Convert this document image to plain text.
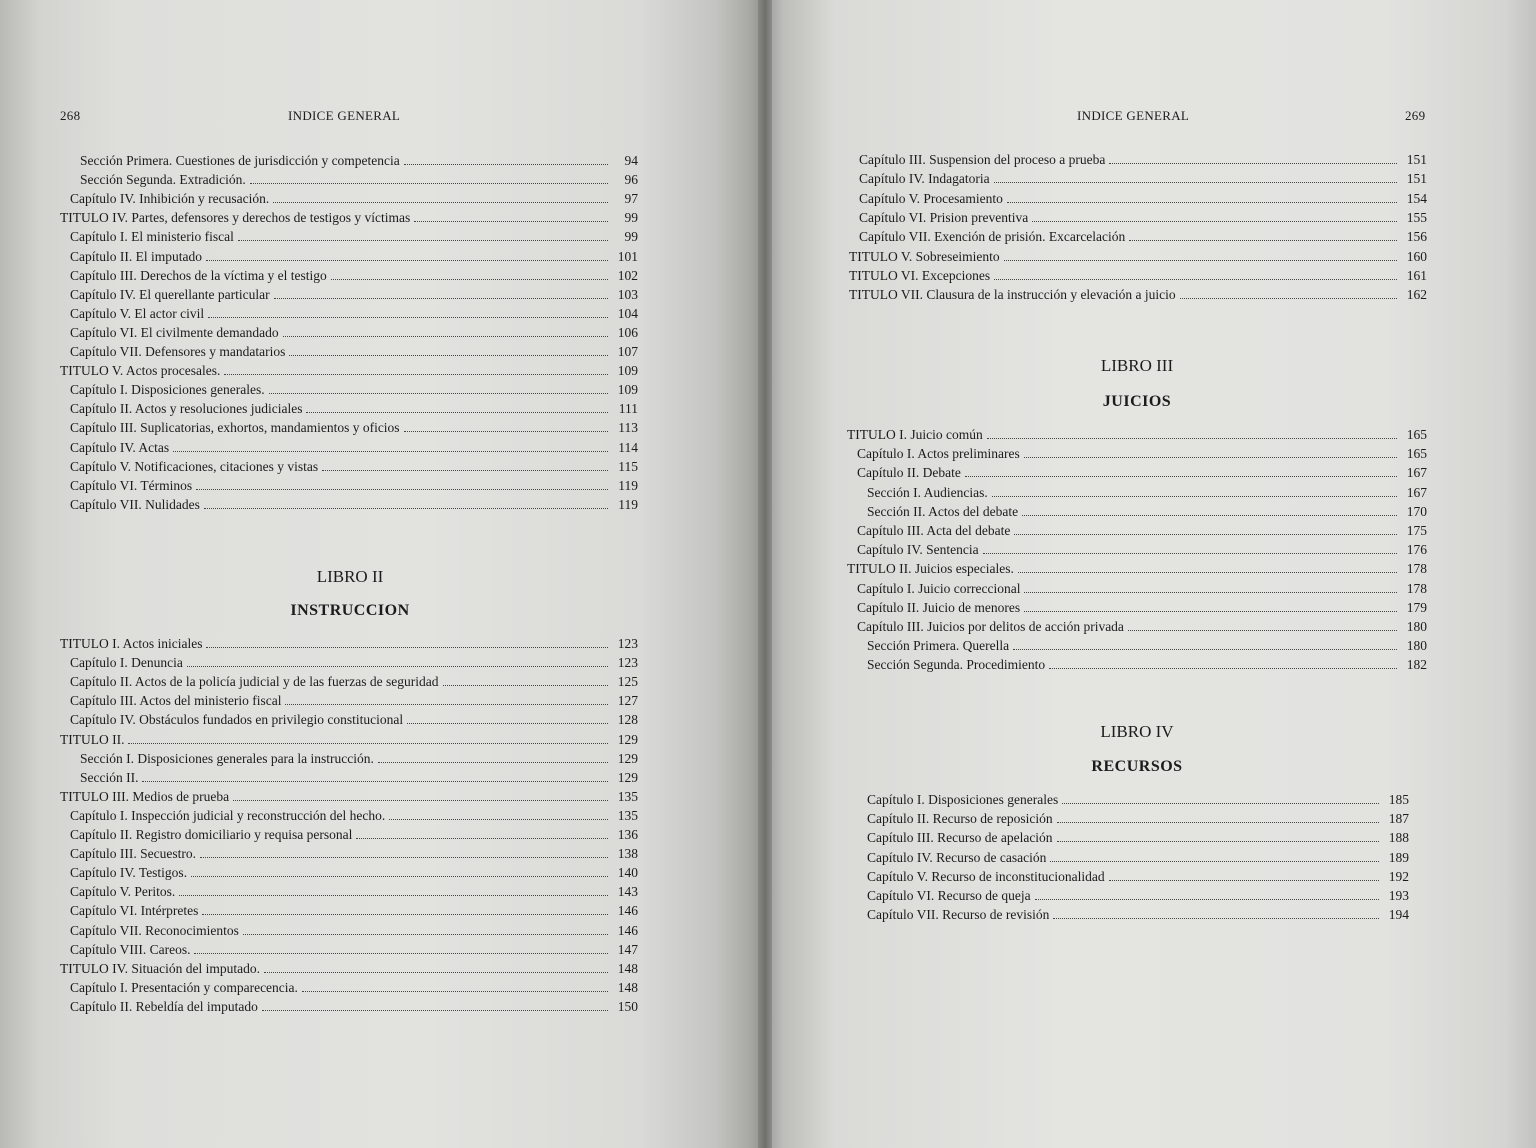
268	INDICE GENERAL
Sección Primera. Cuestiones de jurisdicción y competencia	94
Sección Segunda. Extradición.	96
Capítulo IV. Inhibición y recusación.	97
TITULO IV. Partes, defensores y derechos de testigos y víctimas	99
Capítulo I. El ministerio fiscal	99
Capítulo II. El imputado	101
Capítulo III. Derechos de la víctima y el testigo	102
Capítulo IV. El querellante particular	103
Capítulo V. El actor civil	104
Capítulo VI. El civilmente demandado	106
Capítulo VII. Defensores y mandatarios	107
TITULO V. Actos procesales.	109
Capítulo I. Disposiciones generales.	109
Capítulo II. Actos y resoluciones judiciales	111
Capítulo III. Suplicatorias, exhortos, mandamientos y oficios	113
Capítulo IV. Actas	114
Capítulo V. Notificaciones, citaciones y vistas	115
Capítulo VI. Términos	119
Capítulo VII. Nulidades	119
LIBRO II
INSTRUCCION
TITULO I. Actos iniciales	123
Capítulo I. Denuncia	123
Capítulo II. Actos de la policía judicial y de las fuerzas de seguridad	125
Capítulo III. Actos del ministerio fiscal	127
Capítulo IV. Obstáculos fundados en privilegio constitucional	128
TITULO II.	129
Sección I. Disposiciones generales para la instrucción.	129
Sección II.	129
TITULO III. Medios de prueba	135
Capítulo I. Inspección judicial y reconstrucción del hecho.	135
Capítulo II. Registro domiciliario y requisa personal	136
Capítulo III. Secuestro.	138
Capítulo IV. Testigos.	140
Capítulo V. Peritos.	143
Capítulo VI. Intérpretes	146
Capítulo VII. Reconocimientos	146
Capítulo VIII. Careos.	147
TITULO IV. Situación del imputado.	148
Capítulo I. Presentación y comparecencia.	148
Capítulo II. Rebeldía del imputado	150
INDICE GENERAL	269
Capítulo III. Suspension del proceso a prueba	151
Capítulo IV. Indagatoria	151
Capítulo V. Procesamiento	154
Capítulo VI. Prision preventiva	155
Capítulo VII. Exención de prisión. Excarcelación	156
TITULO V. Sobreseimiento	160
TITULO VI. Excepciones	161
TITULO VII. Clausura de la instrucción y elevación a juicio	162
LIBRO III
JUICIOS
TITULO I. Juicio común	165
Capítulo I. Actos preliminares	165
Capítulo II. Debate	167
Sección I. Audiencias.	167
Sección II. Actos del debate	170
Capítulo III. Acta del debate	175
Capítulo IV. Sentencia	176
TITULO II. Juicios especiales.	178
Capítulo I. Juicio correccional	178
Capítulo II. Juicio de menores	179
Capítulo III. Juicios por delitos de acción privada	180
Sección Primera. Querella	180
Sección Segunda. Procedimiento	182
LIBRO IV
RECURSOS
Capítulo I. Disposiciones generales	185
Capítulo II. Recurso de reposición	187
Capítulo III. Recurso de apelación	188
Capítulo IV. Recurso de casación	189
Capítulo V. Recurso de inconstitucionalidad	192
Capítulo VI. Recurso de queja	193
Capítulo VII. Recurso de revisión	194
